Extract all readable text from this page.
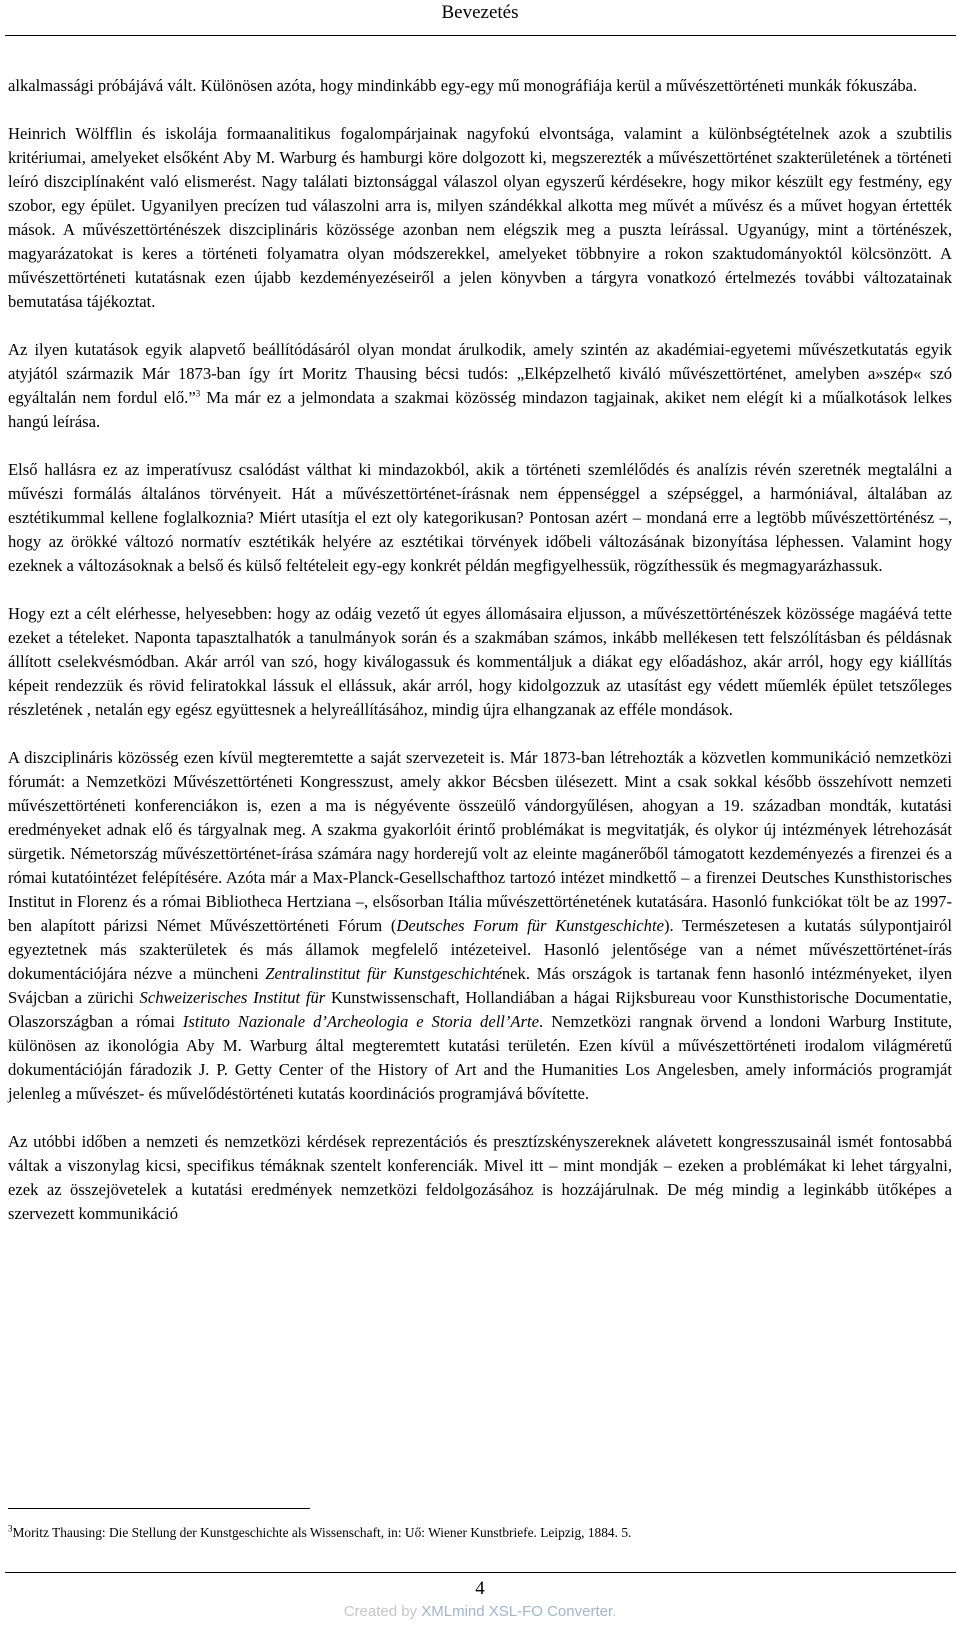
Bevezetés

alkalmassági próbájává vált. Különösen azóta, hogy mindinkább egy-egy mű monográfiája kerül a művészettörténeti munkák fókuszába.

Heinrich Wölfflin és iskolája formaanalitikus fogalompárjainak nagyfokú elvontsága, valamint a különbségtételnek azok a szubtilis kritériumai, amelyeket elsőként Aby M. Warburg és hamburgi köre dolgozott ki, megszerezték a művészettörténet szakterületének a történeti leíró diszciplínaként való elismerést. Nagy találati biztonsággal válaszol olyan egyszerű kérdésekre, hogy mikor készült egy festmény, egy szobor, egy épület. Ugyanilyen precízen tud válaszolni arra is, milyen szándékkal alkotta meg művét a művész és a művet hogyan értették mások. A művészettörténészek diszciplináris közössége azonban nem elégszik meg a puszta leírással. Ugyanúgy, mint a történészek, magyarázatokat is keres a történeti folyamatra olyan módszerekkel, amelyeket többnyire a rokon szaktudományoktól kölcsönzött. A művészettörténeti kutatásnak ezen újabb kezdeményezéseiről a jelen könyvben a tárgyra vonatkozó értelmezés további változatainak bemutatása tájékoztat.

Az ilyen kutatások egyik alapvető beállítódásáról olyan mondat árulkodik, amely szintén az akadémiai-egyetemi művészetkutatás egyik atyjától származik Már 1873-ban így írt Moritz Thausing bécsi tudós: „Elképzelhető kiváló művészettörténet, amelyben a»szép« szó egyáltalán nem fordul elő.”$^3$ Ma már ez a jelmondata a szakmai közösség mindazon tagjainak, akiket nem elégít ki a műalkotások lelkes hangú leírása.

Első hallásra ez az imperatívusz csalódást válthat ki mindazokból, akik a történeti szemlélődés és analízis révén szeretnék megtalálni a művészi formálás általános törvényeit. Hát a művészettörténet-írásnak nem éppenséggel a szépséggel, a harmóniával, általában az esztétikummal kellene foglalkoznia? Miért utasítja el ezt oly kategorikusan? Pontosan azért – mondaná erre a legtöbb művészettörténész –, hogy az örökké változó normatív esztétikák helyére az esztétikai törvények időbeli változásának bizonyítása léphessen. Valamint hogy ezeknek a változásoknak a belső és külső feltételeit egy-egy konkrét példán megfigyelhessük, rögzíthessük és megmagyarázhassuk.

Hogy ezt a célt elérhesse, helyesebben: hogy az odáig vezető út egyes állomásaira eljusson, a művészettörténészek közössége magáévá tette ezeket a tételeket. Naponta tapasztalhatók a tanulmányok során és a szakmában számos, inkább mellékesen tett felszólításban és példásnak állított cselekvésmódban. Akár arról van szó, hogy kiválogassuk és kommentáljuk a diákat egy előadáshoz, akár arról, hogy egy kiállítás képeit rendezzük és rövid feliratokkal lássuk el ellássuk, akár arról, hogy kidolgozzuk az utasítást egy védett műemlék épület tetszőleges részletének , netalán egy egész együttesnek a helyreállításához, mindig újra elhangzanak az efféle mondások.

A diszciplináris közösség ezen kívül megteremtette a saját szervezeteit is. Már 1873-ban létrehozták a közvetlen kommunikáció nemzetközi fórumát: a Nemzetközi Művészettörténeti Kongresszust, amely akkor Bécsben ülésezett. Mint a csak sokkal később összehívott nemzeti művészettörténeti konferenciákon is, ezen a ma is négyévente összeülő vándorgyűlésen, ahogyan a 19. században mondták, kutatási eredményeket adnak elő és tárgyalnak meg. A szakma gyakorlóit érintő problémákat is megvitatják, és olykor új intézmények létrehozását sürgetik. Németország művészettörténet-írása számára nagy horderejű volt az eleinte magánerőből támogatott kezdeményezés a firenzei és a római kutatóintézet felépítésére. Azóta már a Max-Planck-Gesellschafthoz tartozó intézet mindkettő – a firenzei Deutsches Kunsthistorisches Institut in Florenz és a római Bibliotheca Hertziana –, elsősorban Itália művészettörténetének kutatására. Hasonló funkciókat tölt be az 1997-ben alapított párizsi Német Művészettörténeti Fórum (Deutsches Forum für Kunstgeschichte). Természetesen a kutatás súlypontjairól egyeztetnek más szakterületek és más államok megfelelő intézeteivel. Hasonló jelentősége van a német művészettörténet-írás dokumentációjára nézve a müncheni Zentralinstitut für Kunstgeschichtének. Más országok is tartanak fenn hasonló intézményeket, ilyen Svájcban a zürichi Schweizerisches Institut für Kunstwissenschaft, Hollandiában a hágai Rijksbureau voor Kunsthistorische Documentatie, Olaszországban a római Istituto Nazionale d’Archeologia e Storia dell’Arte. Nemzetközi rangnak örvend a londoni Warburg Institute, különösen az ikonológia Aby M. Warburg által megteremtett kutatási területén. Ezen kívül a művészettörténeti irodalom világméretű dokumentációján fáradozik J. P. Getty Center of the History of Art and the Humanities Los Angelesben, amely információs programját jelenleg a művészet- és művelődéstörténeti kutatás koordinációs programjává bővítette.

Az utóbbi időben a nemzeti és nemzetközi kérdések reprezentációs és presztízskényszereknek alávetett kongresszusainál ismét fontosabbá váltak a viszonylag kicsi, specifikus témáknak szentelt konferenciák. Mivel itt – mint mondják – ezeken a problémákat ki lehet tárgyalni, ezek az összejövetelek a kutatási eredmények nemzetközi feldolgozásához is hozzájárulnak. De még mindig a leginkább ütőképes a szervezett kommunikáció

$^3$Moritz Thausing: Die Stellung der Kunstgeschichte als Wissenschaft, in: Uő: Wiener Kunstbriefe. Leipzig, 1884. 5.
4
Created by XMLmind XSL-FO Converter.
